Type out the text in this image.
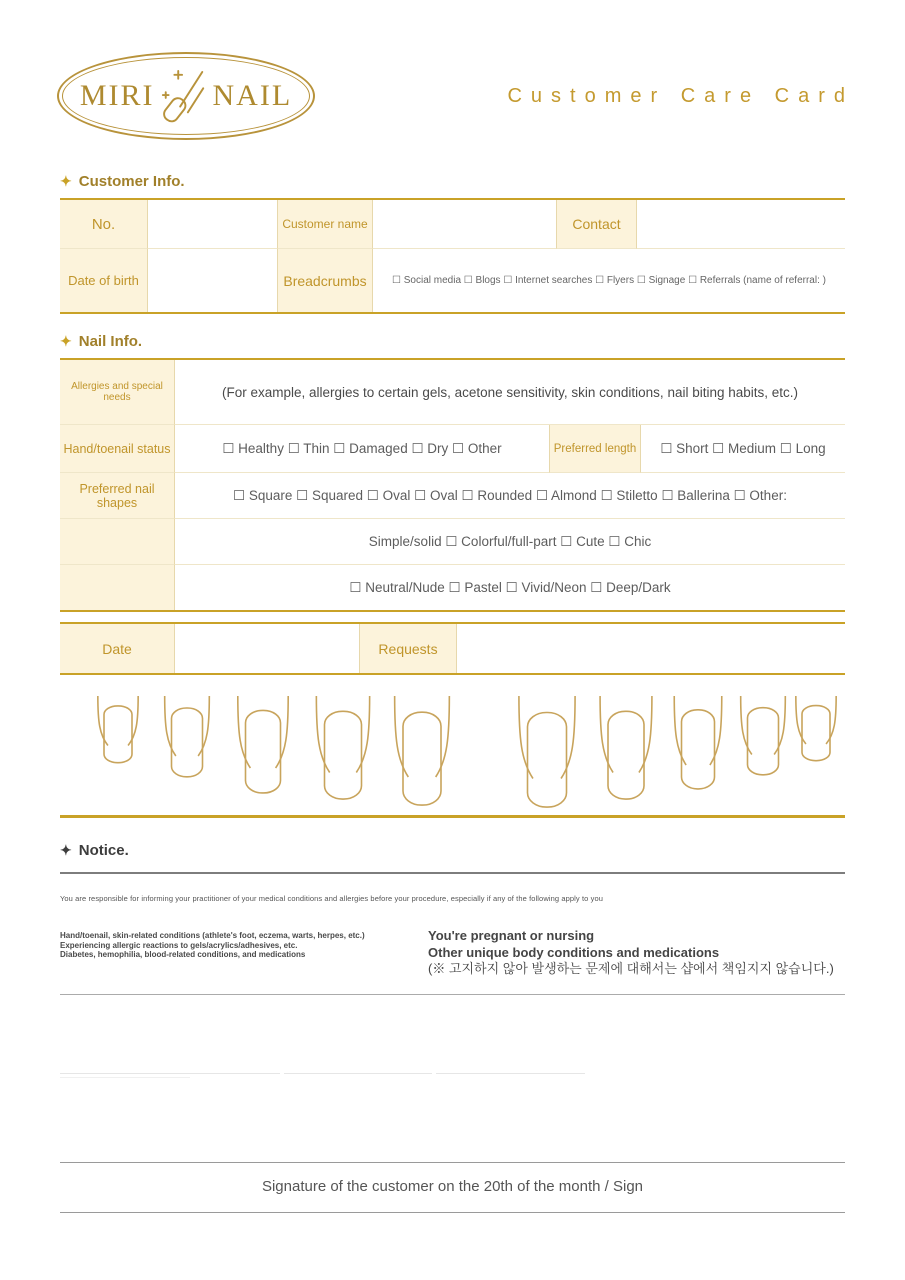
MIRI NAIL	Customer Care Card
✦ Customer Info.
No.	Customer name	Contact
Date of birth	Breadcrumbs	☐ Social media ☐ Blogs ☐ Internet searches ☐ Flyers ☐ Signage ☐ Referrals (name of referral: )
✦ Nail Info.
Allergies and special needs	(For example, allergies to certain gels, acetone sensitivity, skin conditions, nail biting habits, etc.)
Hand/toenail status	☐ Healthy ☐ Thin ☐ Damaged ☐ Dry ☐ Other	Preferred length	☐ Short ☐ Medium ☐ Long
Preferred nail shapes	☐ Square ☐ Squared ☐ Oval ☐ Oval ☐ Rounded ☐ Almond ☐ Stiletto ☐ Ballerina ☐ Other:
Simple/solid ☐ Colorful/full-part ☐ Cute ☐ Chic
☐ Neutral/Nude ☐ Pastel ☐ Vivid/Neon ☐ Deep/Dark
Date	Requests
✦ Notice.
You are responsible for informing your practitioner of your medical conditions and allergies before your procedure, especially if any of the following apply to you
Hand/toenail, skin-related conditions (athlete's foot, eczema, warts, herpes, etc.)
Experiencing allergic reactions to gels/acrylics/adhesives, etc.
Diabetes, hemophilia, blood-related conditions, and medications
You're pregnant or nursing
Other unique body conditions and medications
(※ 고지하지 않아 발생하는 문제에 대해서는 샵에서 책임지지 않습니다.)
Signature of the customer on the 20th of the month / Sign
